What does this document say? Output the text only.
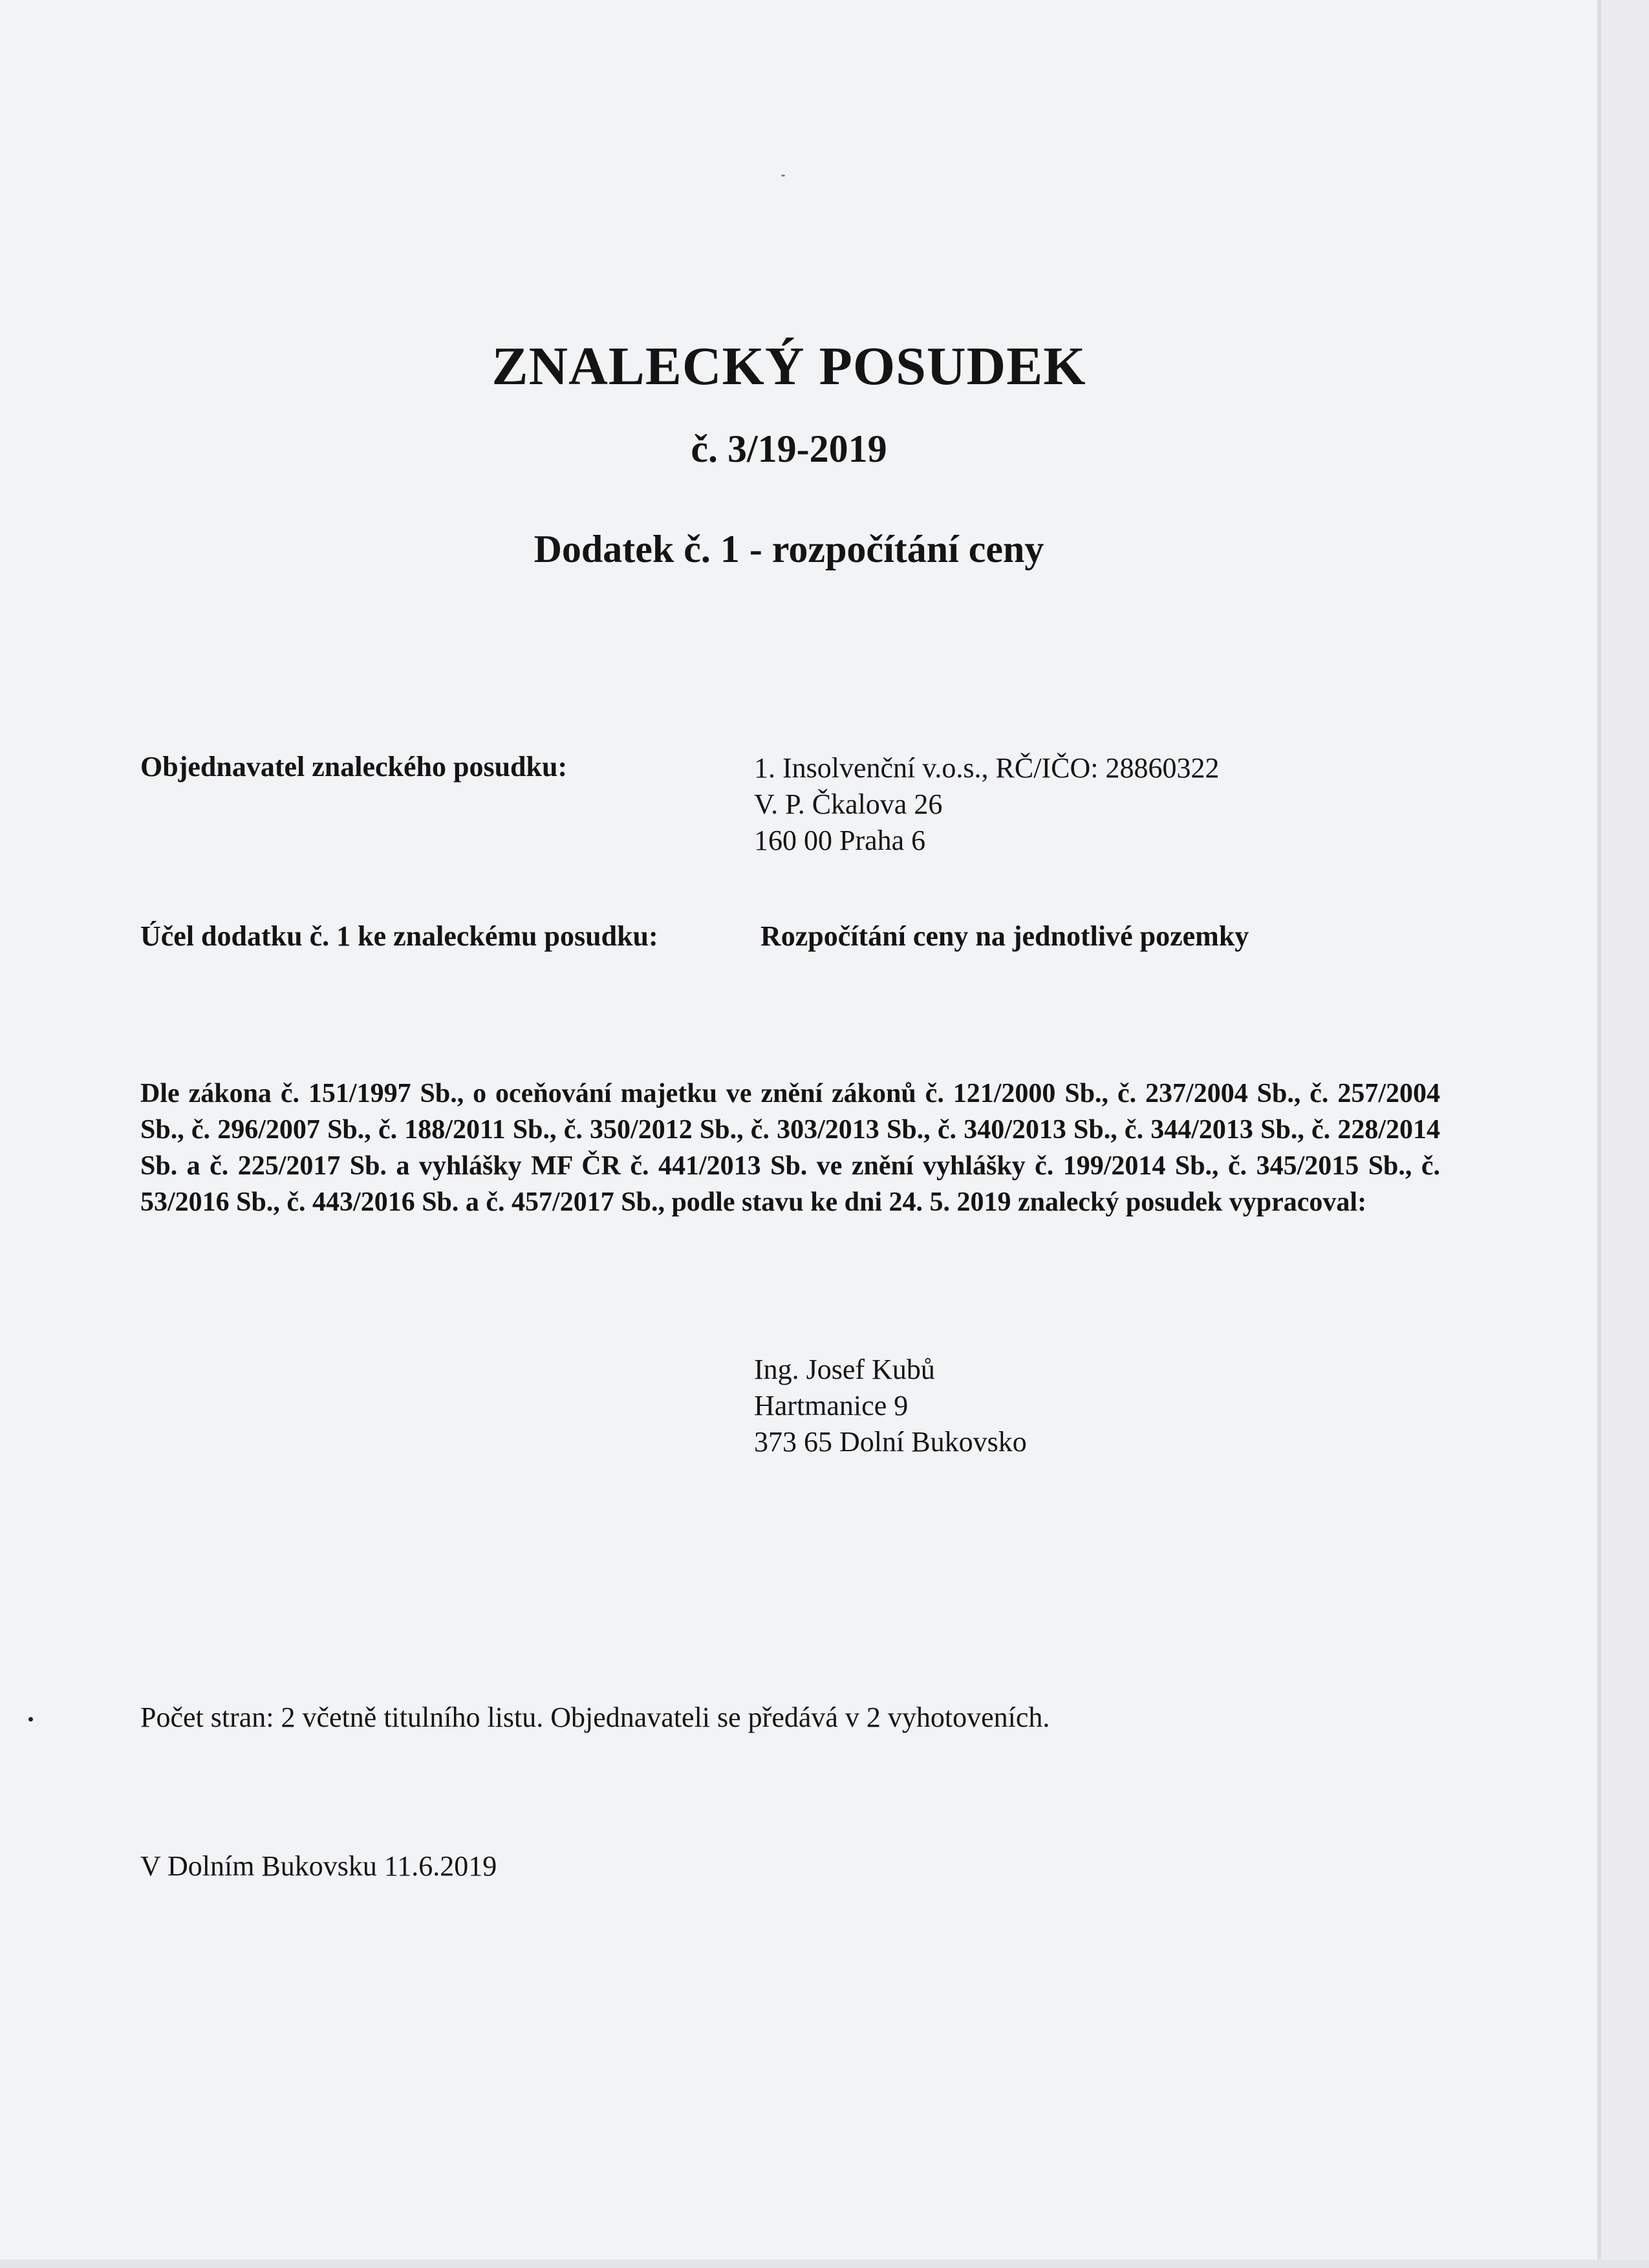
ZNALECKÝ POSUDEK
č. 3/19-2019
Dodatek č. 1 - rozpočítání ceny

Objednavatel znaleckého posudku:	1. Insolvenční v.o.s., RČ/IČO: 28860322
V. P. Čkalova 26
160 00 Praha 6

Účel dodatku č. 1 ke znaleckému posudku:	Rozpočítání ceny na jednotlivé pozemky

Dle zákona č. 151/1997 Sb., o oceňování majetku ve znění zákonů č. 121/2000 Sb., č. 237/2004 Sb., č. 257/2004 Sb., č. 296/2007 Sb., č. 188/2011 Sb., č. 350/2012 Sb., č. 303/2013 Sb., č. 340/2013 Sb., č. 344/2013 Sb., č. 228/2014 Sb. a č. 225/2017 Sb. a vyhlášky MF ČR č. 441/2013 Sb. ve znění vyhlášky č. 199/2014 Sb., č. 345/2015 Sb., č. 53/2016 Sb., č. 443/2016 Sb. a č. 457/2017 Sb., podle stavu ke dni 24. 5. 2019 znalecký posudek vypracoval:

Ing. Josef Kubů
Hartmanice 9
373 65 Dolní Bukovsko

Počet stran: 2 včetně titulního listu. Objednavateli se předává v 2 vyhotoveních.

V Dolním Bukovsku 11.6.2019
